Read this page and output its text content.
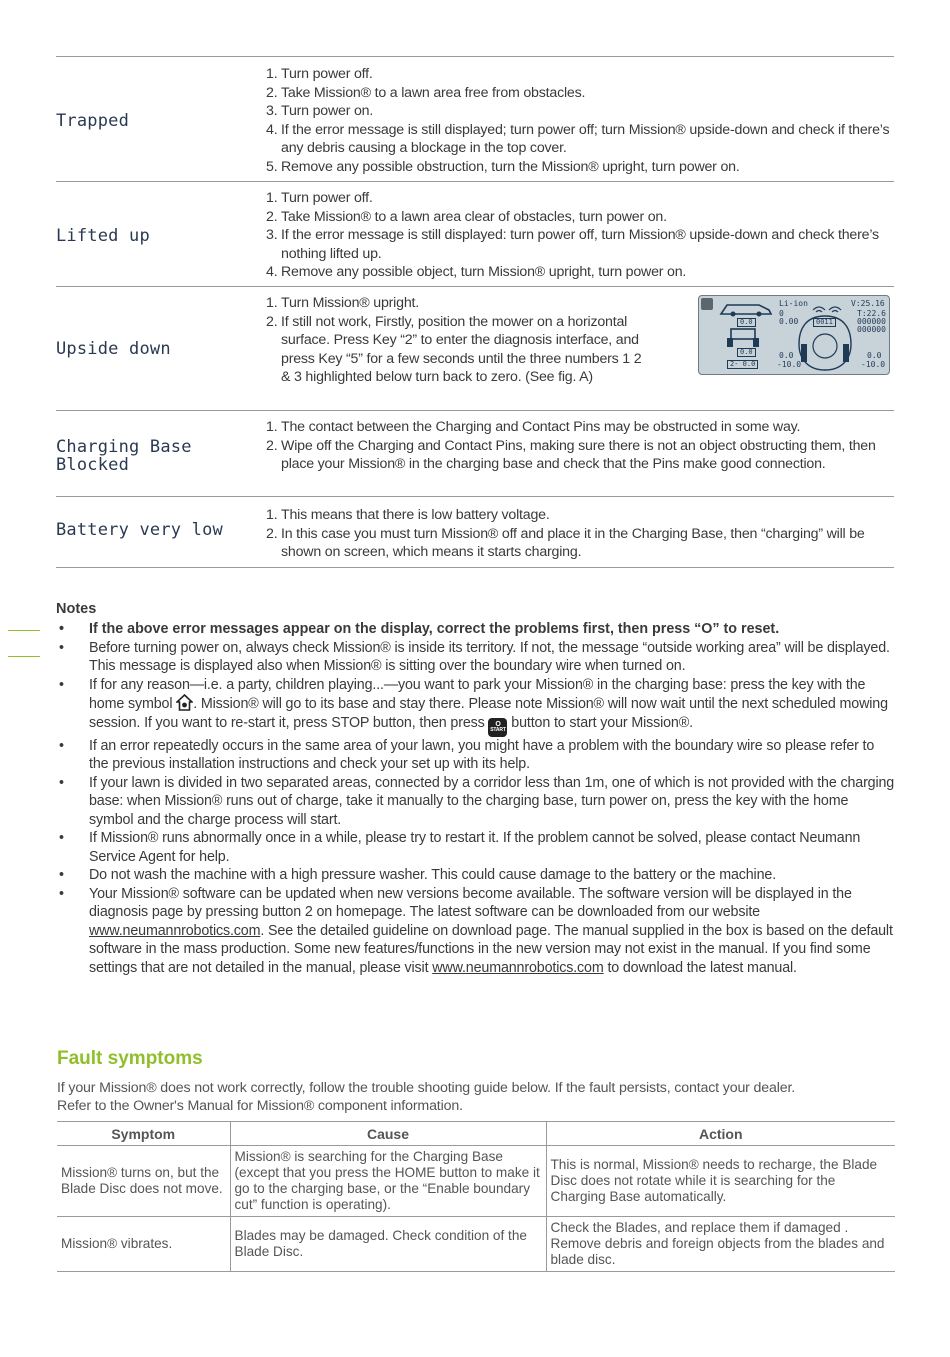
Trapped
1. Turn power off.
2. Take Mission® to a lawn area free from obstacles.
3. Turn power on.
4. If the error message is still displayed; turn power off; turn Mission® upside-down and check if there’s any debris causing a blockage in the top cover.
5. Remove any possible obstruction, turn the Mission® upright, turn power on.
Lifted up
1. Turn power off.
2. Take Mission® to a lawn area clear of obstacles, turn power on.
3. If the error message is still displayed: turn power off, turn Mission® upside-down and check there’s nothing lifted up.
4. Remove any possible object, turn Mission® upright, turn power on.
Upside down
1. Turn Mission® upright.
2. If still not work, Firstly, position the mower on a horizontal surface. Press Key “2” to enter the diagnosis interface, and press Key “5” for a few seconds until the three numbers 1 2 & 3 highlighted below turn back to zero. (See fig. A)
Li-ion
0
0.00
V:25.16
T:22.6
000000
000000
0.0
0.0
2- 0.0
0011
0.0
-10.0
0.0
-10.0
Charging Base Blocked
1. The contact between the Charging and Contact Pins may be obstructed in some way.
2. Wipe off the Charging and Contact Pins, making sure there is not an object obstructing them, then place your Mission® in the charging base and check that the Pins make good connection.
Battery very low
1. This means that there is low battery voltage.
2. In this case you must turn Mission® off and place it in the Charging Base, then “charging” will be shown on screen, which means it starts charging.
Notes
• If the above error messages appear on the display, correct the problems first, then press “O” to reset.
• Before turning power on, always check Mission® is inside its territory. If not, the message “outside working area” will be displayed. This message is displayed also when Mission® is sitting over the boundary wire when turned on.
• If for any reason—i.e. a party, children playing...—you want to park your Mission® in the charging base: press the key with the home symbol . Mission® will go to its base and stay there. Please note Mission® will now wait until the next scheduled mowing session. If you want to re-start it, press STOP button, then press	O
START button to start your Mission®.
• If an error repeatedly occurs in the same area of your lawn, you might have a problem with the boundary wire so please refer to the previous installation instructions and check your set up with its help.
• If your lawn is divided in two separated areas, connected by a corridor less than 1m, one of which is not provided with the charging base: when Mission® runs out of charge, take it manually to the charging base, turn power on, press the key with the home symbol and the charge process will start.
• If Mission® runs abnormally once in a while, please try to restart it. If the problem cannot be solved, please contact Neumann Service Agent for help.
• Do not wash the machine with a high pressure washer. This could cause damage to the battery or the machine.
• Your Mission® software can be updated when new versions become available. The software version will be displayed in the diagnosis page by pressing button 2 on homepage. The latest software can be downloaded from our website www.neumannrobotics.com. See the detailed guideline on download page. The manual supplied in the box is based on the default software in the mass production. Some new features/functions in the new version may not exist in the manual. If you find some settings that are not detailed in the manual, please visit www.neumannrobotics.com to download the latest manual.
Fault symptoms
If your Mission® does not work correctly, follow the trouble shooting guide below. If the fault persists, contact your dealer.
Refer to the Owner's Manual for Mission® component information.
Symptom	Cause	Action
Mission® turns on, but the Blade Disc does not move.	Mission® is searching for the Charging Base (except that you press the HOME button to make it go to the charging base, or the “Enable boundary cut” function is operating).	This is normal, Mission® needs to recharge, the Blade Disc does not rotate while it is searching for the Charging Base automatically.
Mission® vibrates.	Blades may be damaged. Check condition of the Blade Disc.	Check the Blades, and replace them if damaged . Remove debris and foreign objects from the blades and blade disc.
